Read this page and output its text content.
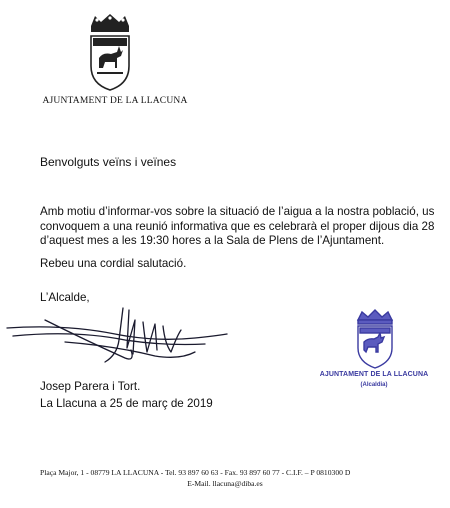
AJUNTAMENT DE LA LLACUNA
Benvolguts veïns i veïnes
Amb motiu d’informar-vos sobre la situació de l’aigua a la nostra població, us
convoquem a una reunió informativa que es celebrarà el proper dijous dia 28
d’aquest mes a les 19:30 hores a la Sala de Plens de l’Ajuntament.
Rebeu una cordial salutació.
L’Alcalde,
AJUNTAMENT DE LA LLACUNA
(Alcaldia)
Josep Parera i Tort.
La Llacuna a 25 de març de 2019
Plaça Major, 1 - 08779 LA LLACUNA - Tel. 93 897 60 63 - Fax. 93 897 60 77 - C.I.F. – P 0810300 D
E-Mail. llacuna@diba.es
